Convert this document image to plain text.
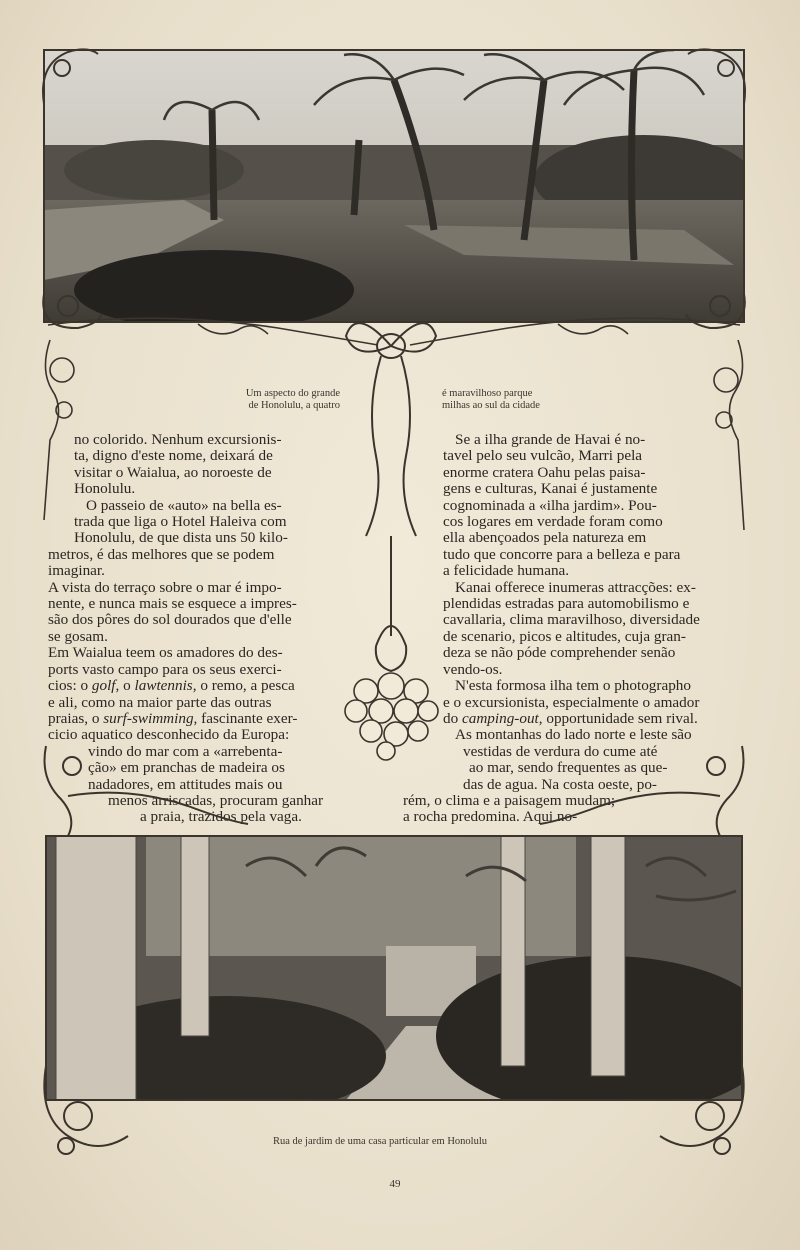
Um aspecto do grande
de Honolulu, a quatro
é maravilhoso parque
milhas ao sul da cidade

no colorido. Nenhum excursionis-

ta, digno d'este nome, deixará de

visitar o Waialua, ao noroeste de

Honolulu.

O passeio de «auto» na bella es-

trada que liga o Hotel Haleiva com

Honolulu, de que dista uns 50 kilo-

metros, é das melhores que se podem

imaginar.

A vista do terraço sobre o mar é impo-

nente, e nunca mais se esquece a impres-

são dos pôres do sol dourados que d'elle

se gosam.

Em Waialua teem os amadores do des-

ports vasto campo para os seus exerci-

cios: o golf, o lawtennis, o remo, a pesca

e ali, como na maior parte das outras

praias, o surf-swimming, fascinante exer-

cicio aquatico desconhecido da Europa:

vindo do mar com a «arrebenta-

ção» em pranchas de madeira os

nadadores, em attitudes mais ou

menos arriscadas, procuram ganhar

a praia, trazidos pela vaga.

Se a ilha grande de Havai é no-

tavel pelo seu vulcão, Marri pela

enorme cratera Oahu pelas paisa-

gens e culturas, Kanai é justamente

cognominada a «ilha jardim». Pou-

cos logares em verdade foram como

ella abençoados pela natureza em

tudo que concorre para a belleza e para

a felicidade humana.

Kanai offerece inumeras attracções: ex-

plendidas estradas para automobilismo e

cavallaria, clima maravilhoso, diversidade

de scenario, picos e altitudes, cuja gran-

deza se não póde comprehender senão

vendo-os.

N'esta formosa ilha tem o photographo

e o excursionista, especialmente o amador

do camping-out, opportunidade sem rival.

As montanhas do lado norte e leste são

vestidas de verdura do cume até

ao mar, sendo frequentes as que-

das de agua. Na costa oeste, po-

rém, o clima e a paisagem mudam;

a rocha predomina. Aqui no-

Rua de jardim de uma casa particular em Honolulu
49
